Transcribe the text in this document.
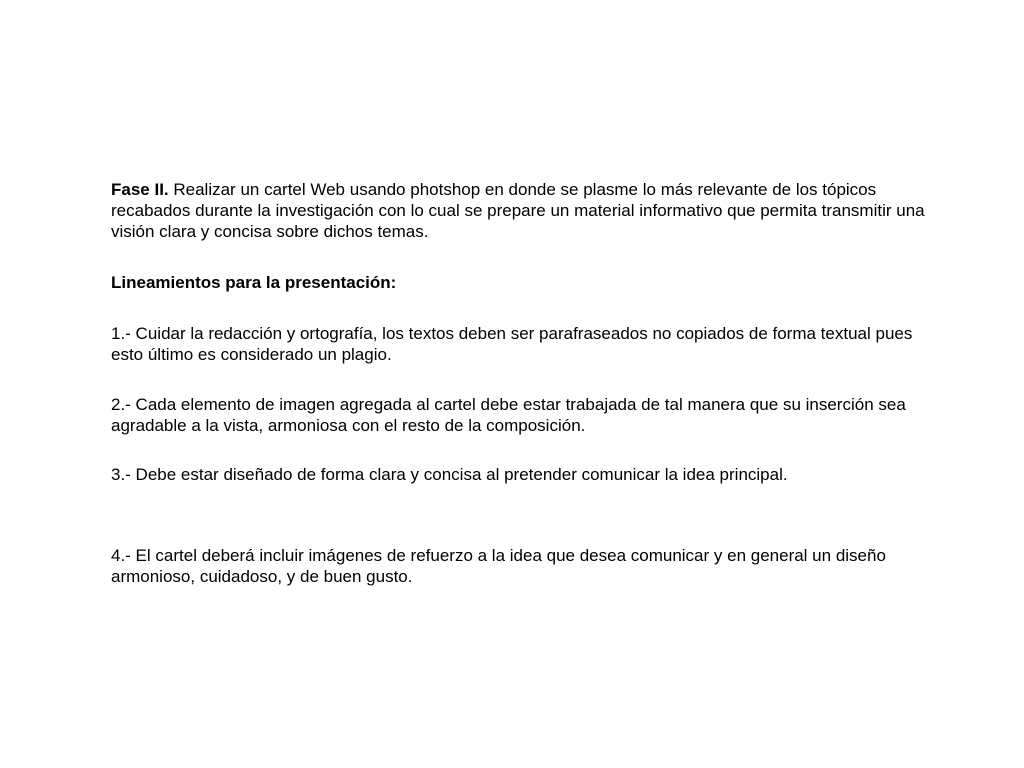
Fase II. Realizar un cartel Web usando photshop en donde se plasme lo más relevante de los tópicos recabados durante la investigación con lo cual se prepare un material informativo que permita transmitir una visión clara y concisa sobre dichos temas.

Lineamientos para la presentación:

1.- Cuidar la redacción y ortografía, los textos deben ser parafraseados no copiados de forma textual pues esto último es considerado un plagio.

2.- Cada elemento de imagen agregada al cartel debe estar trabajada de tal manera que su inserción sea agradable a la vista, armoniosa con el resto de la composición.

3.- Debe estar diseñado de forma clara y concisa al pretender comunicar la idea principal.

4.- El cartel deberá incluir imágenes de refuerzo a la idea que desea comunicar y en general un diseño armonioso, cuidadoso, y de buen gusto.
